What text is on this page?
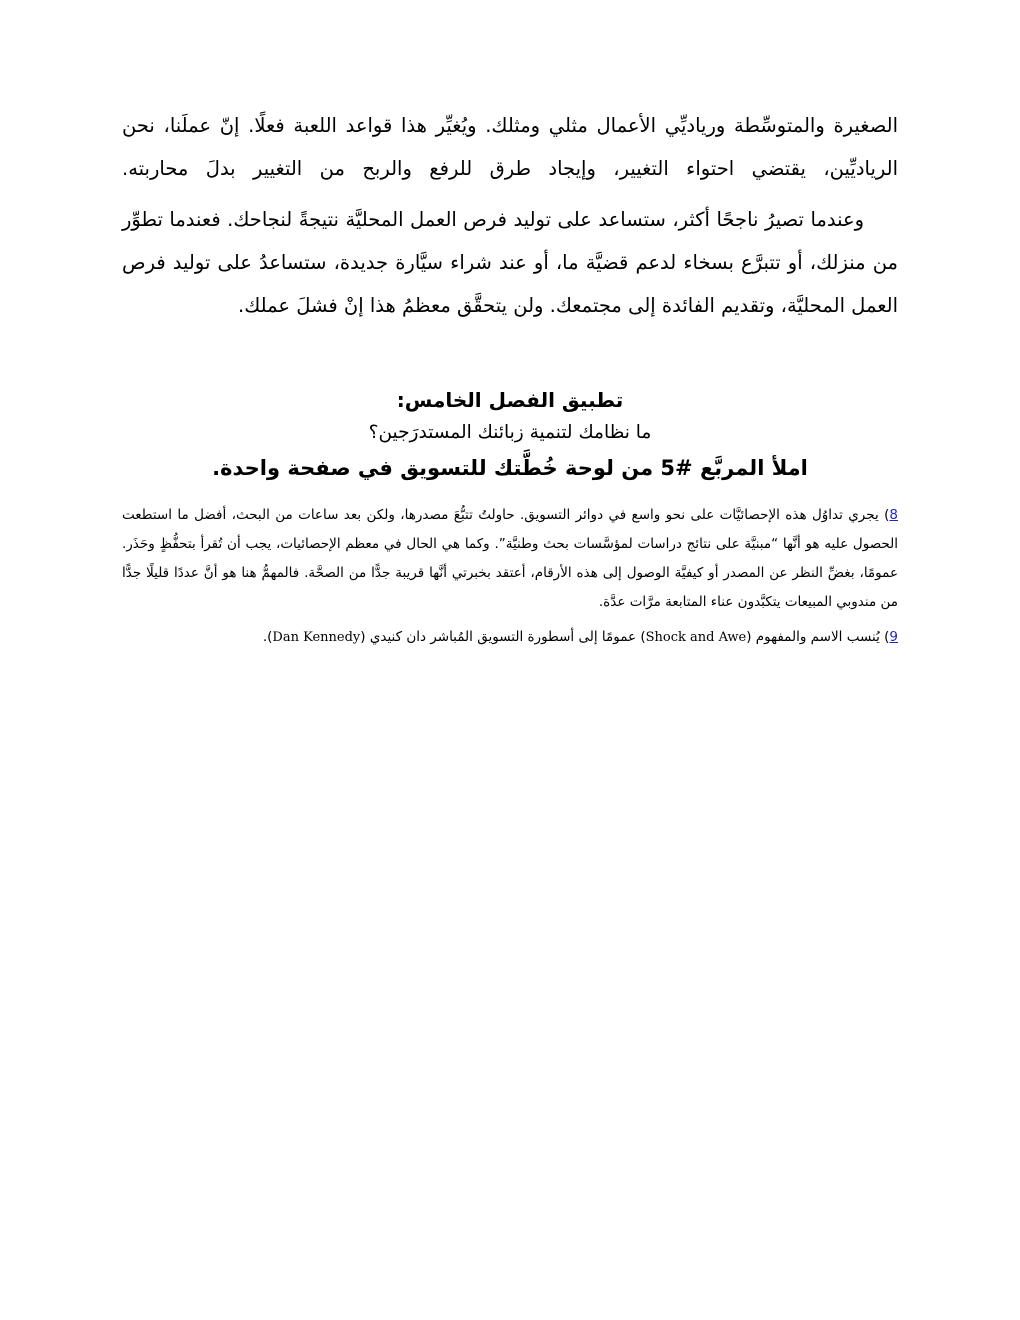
الصغيرة والمتوسِّطة ورياديِّي الأعمال مثلي ومثلك. ويُغيِّر هذا قواعد اللعبة فعلًا. إنّ عملَنا، نحن الرياديِّين، يقتضي احتواء التغيير، وإيجاد طرق للرفع والربح من التغيير بدلَ محاربته.

وعندما تصيرُ ناجحًا أكثر، ستساعد على توليد فرص العمل المحليَّة نتيجةً لنجاحك. فعندما تطوِّر من منزلك، أو تتبرَّع بسخاء لدعم قضيَّة ما، أو عند شراء سيَّارة جديدة، ستساعدُ على توليد فرص العمل المحليَّة، وتقديم الفائدة إلى مجتمعك. ولن يتحقَّق معظمُ هذا إنْ فشلَ عملك.

تطبيق الفصل الخامس:

ما نظامك لتنمية زبائنك المستدرَجين؟

املأ المربَّع #5 من لوحة خُطَّتك للتسويق في صفحة واحدة.

8) يجري تداوُل هذه الإحصائيَّات على نحو واسع في دوائر التسويق. حاولتُ تتبُّعَ مصدرها، ولكن بعد ساعات من البحث، أفضل ما استطعت الحصول عليه هو أنَّها “مبنيَّة على نتائج دراسات لمؤسَّسات بحث وطنيَّة”. وكما هي الحال في معظم الإحصائيات، يجب أن تُقرأ بتحفُّظٍ وحَذَر. عمومًا، بغضِّ النظر عن المصدر أو كيفيَّة الوصول إلى هذه الأرقام، أعتقد بخبرتي أنَّها قريبة جدًّا من الصحَّة. فالمهمُّ هنا هو أنَّ عددًا قليلًا جدًّا من مندوبي المبيعات يتكبَّدون عناء المتابعة مرَّات عدَّة.

9) يُنسب الاسم والمفهوم (Shock and Awe) عمومًا إلى أسطورة التسويق المُباشر دان كنيدي (Dan Kennedy).
